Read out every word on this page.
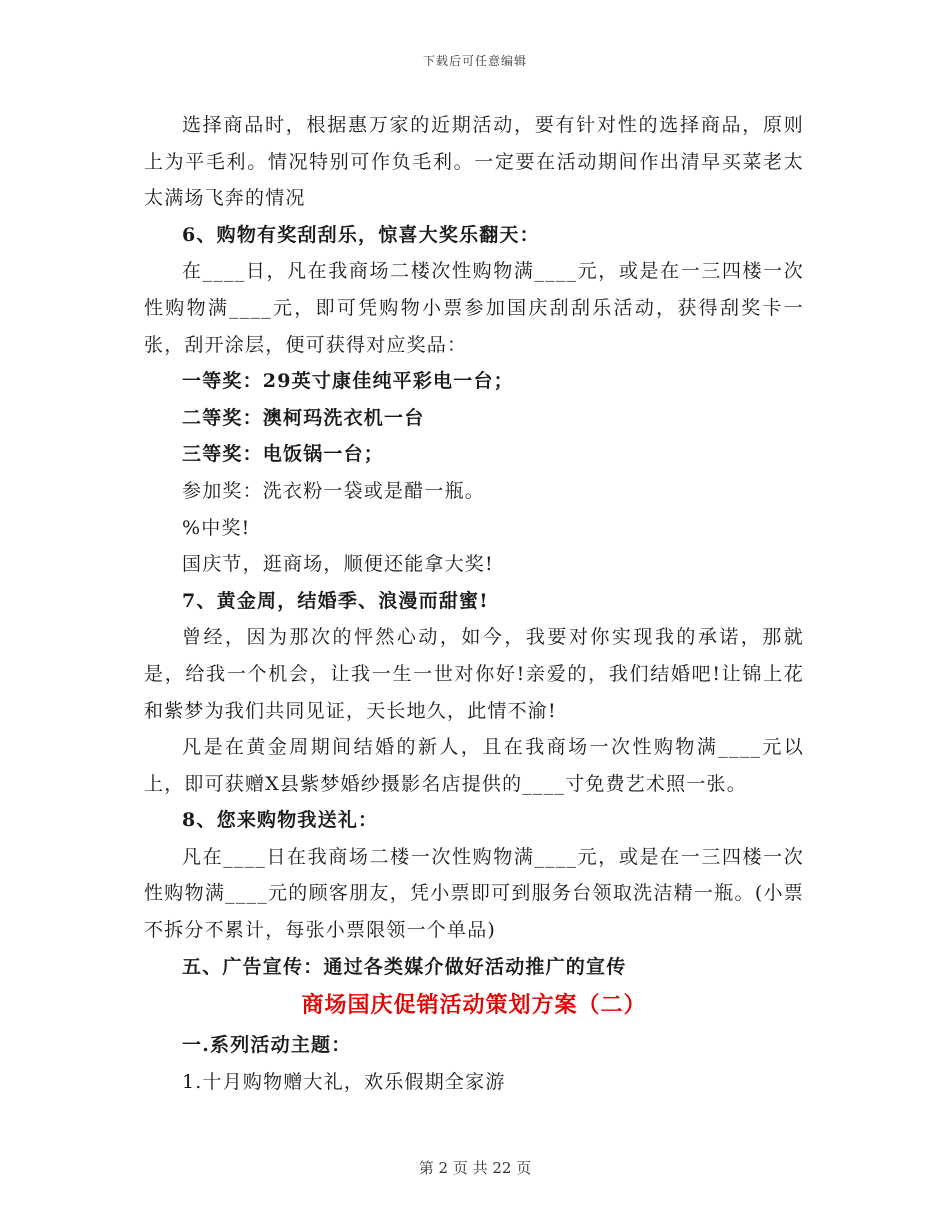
下载后可任意编辑

选择商品时，根据惠万家的近期活动，要有针对性的选择商品，原则上为平毛利。情况特别可作负毛利。一定要在活动期间作出清早买菜老太太满场飞奔的情况

6、购物有奖刮刮乐，惊喜大奖乐翻天：

在____日，凡在我商场二楼次性购物满____元，或是在一三四楼一次性购物满____元，即可凭购物小票参加国庆刮刮乐活动，获得刮奖卡一张，刮开涂层，便可获得对应奖品：

一等奖：29英寸康佳纯平彩电一台；

二等奖：澳柯玛洗衣机一台

三等奖：电饭锅一台；

参加奖：洗衣粉一袋或是醋一瓶。

%中奖!

国庆节，逛商场，顺便还能拿大奖!

7、黄金周，结婚季、浪漫而甜蜜!

曾经，因为那次的怦然心动，如今，我要对你实现我的承诺，那就是，给我一个机会，让我一生一世对你好!亲爱的，我们结婚吧!让锦上花和紫梦为我们共同见证，天长地久，此情不渝!

凡是在黄金周期间结婚的新人，且在我商场一次性购物满____元以上，即可获赠X县紫梦婚纱摄影名店提供的____寸免费艺术照一张。

8、您来购物我送礼：

凡在____日在我商场二楼一次性购物满____元，或是在一三四楼一次性购物满____元的顾客朋友，凭小票即可到服务台领取洗洁精一瓶。(小票不拆分不累计，每张小票限领一个单品)

五、广告宣传：通过各类媒介做好活动推广的宣传

商场国庆促销活动策划方案（二）

一.系列活动主题：

1.十月购物赠大礼，欢乐假期全家游

第 2 页 共 22 页
